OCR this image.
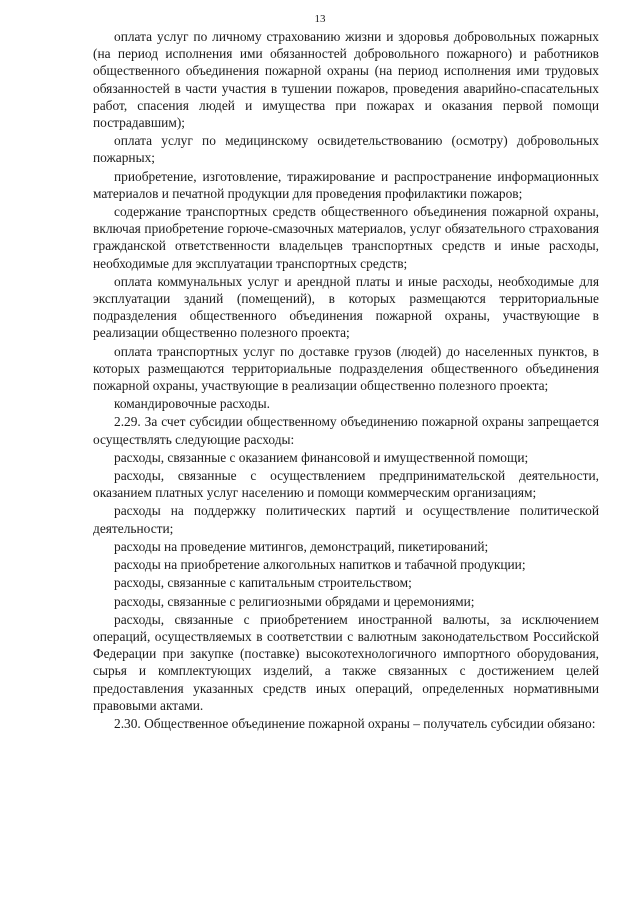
13

оплата услуг по личному страхованию жизни и здоровья добровольных пожарных (на период исполнения ими обязанностей добровольного пожарного) и работников общественного объединения пожарной охраны (на период исполнения ими трудовых обязанностей в части участия в тушении пожаров, проведения аварийно-спасательных работ, спасения людей и имущества при пожарах и оказания первой помощи пострадавшим);

оплата услуг по медицинскому освидетельствованию (осмотру) добровольных пожарных;

приобретение, изготовление, тиражирование и распространение информационных материалов и печатной продукции для проведения профилактики пожаров;

содержание транспортных средств общественного объединения пожарной охраны, включая приобретение горюче-смазочных материалов, услуг обязательного страхования гражданской ответственности владельцев транспортных средств и иные расходы, необходимые для эксплуатации транспортных средств;

оплата коммунальных услуг и арендной платы и иные расходы, необходимые для эксплуатации зданий (помещений), в которых размещаются территориальные подразделения общественного объединения пожарной охраны, участвующие в реализации общественно полезного проекта;

оплата транспортных услуг по доставке грузов (людей) до населенных пунктов, в которых размещаются территориальные подразделения общественного объединения пожарной охраны, участвующие в реализации общественно полезного проекта;

командировочные расходы.

2.29. За счет субсидии общественному объединению пожарной охраны запрещается осуществлять следующие расходы:

расходы, связанные с оказанием финансовой и имущественной помощи;

расходы, связанные с осуществлением предпринимательской деятельности, оказанием платных услуг населению и помощи коммерческим организациям;

расходы на поддержку политических партий и осуществление политической деятельности;

расходы на проведение митингов, демонстраций, пикетирований;

расходы на приобретение алкогольных напитков и табачной продукции;

расходы, связанные с капитальным строительством;

расходы, связанные с религиозными обрядами и церемониями;

расходы, связанные с приобретением иностранной валюты, за исключением операций, осуществляемых в соответствии с валютным законодательством Российской Федерации при закупке (поставке) высокотехнологичного импортного оборудования, сырья и комплектующих изделий, а также связанных с достижением целей предоставления указанных средств иных операций, определенных нормативными правовыми актами.

2.30. Общественное объединение пожарной охраны – получатель субсидии обязано:
